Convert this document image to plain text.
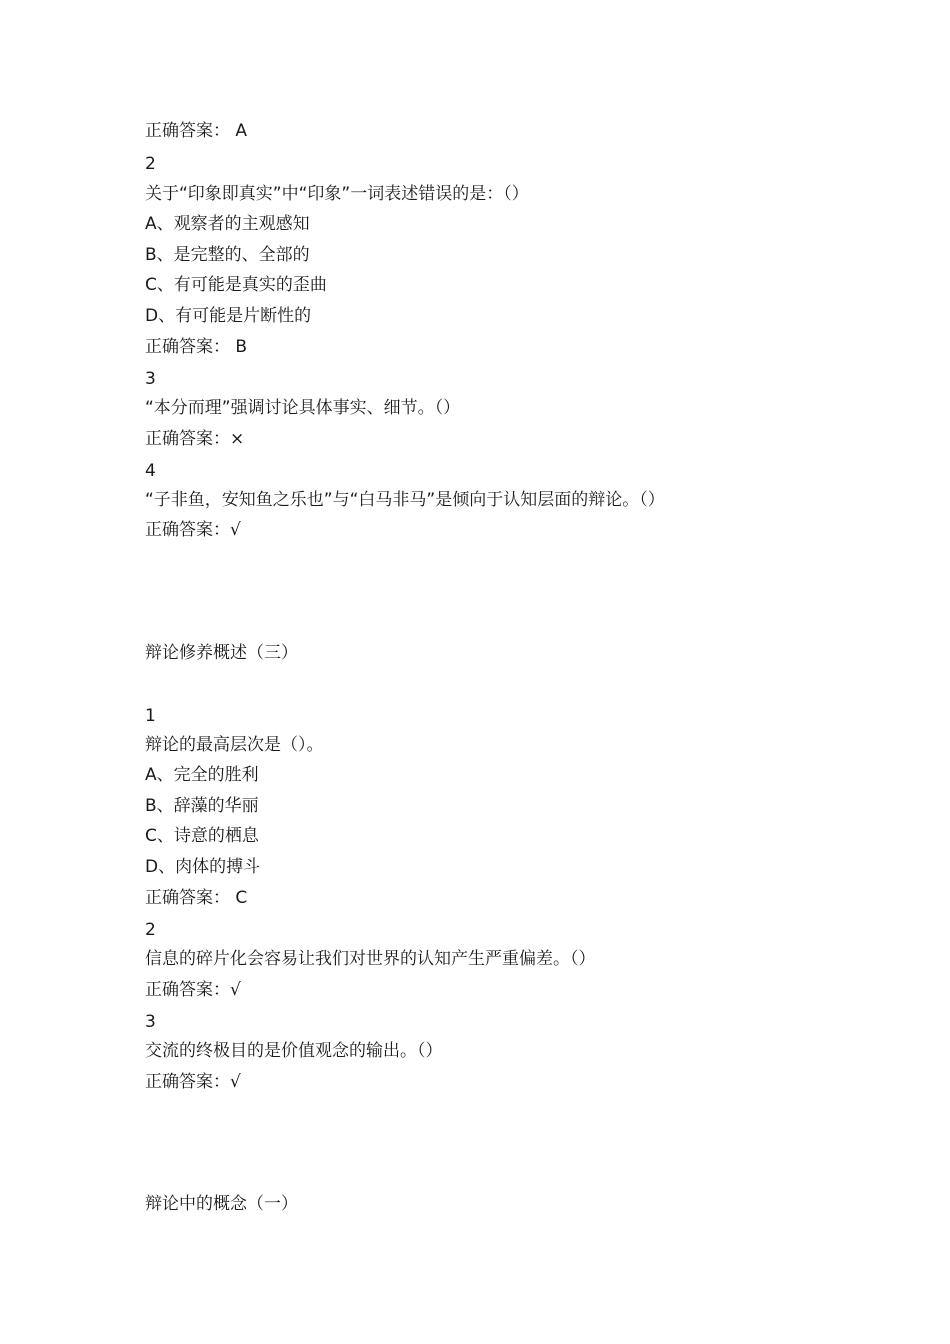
正确答案： A
2
关于“印象即真实”中“印象”一词表述错误的是：（）
A、观察者的主观感知
B、是完整的、全部的
C、有可能是真实的歪曲
D、有可能是片断性的
正确答案： B
3
“本分而理”强调讨论具体事实、细节。（）
正确答案：×
4
“子非鱼，安知鱼之乐也”与“白马非马”是倾向于认知层面的辩论。（）
正确答案：√
辩论修养概述（三）
1
辩论的最高层次是（）。
A、完全的胜利
B、辞藻的华丽
C、诗意的栖息
D、肉体的搏斗
正确答案： C
2
信息的碎片化会容易让我们对世界的认知产生严重偏差。（）
正确答案：√
3
交流的终极目的是价值观念的输出。（）
正确答案：√
辩论中的概念（一）
